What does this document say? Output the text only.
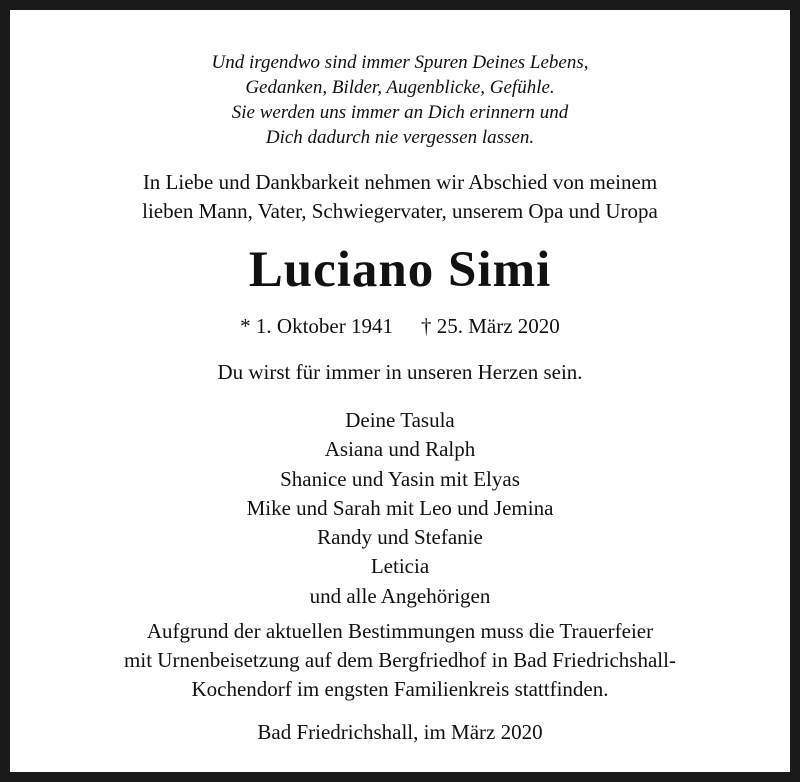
Und irgendwo sind immer Spuren Deines Lebens,
Gedanken, Bilder, Augenblicke, Gefühle.
Sie werden uns immer an Dich erinnern und
Dich dadurch nie vergessen lassen.
In Liebe und Dankbarkeit nehmen wir Abschied von meinem
lieben Mann, Vater, Schwiegervater, unserem Opa und Uropa
Luciano Simi
* 1. Oktober 1941 † 25. März 2020
Du wirst für immer in unseren Herzen sein.
Deine Tasula
Asiana und Ralph
Shanice und Yasin mit Elyas
Mike und Sarah mit Leo und Jemina
Randy und Stefanie
Leticia
und alle Angehörigen
Aufgrund der aktuellen Bestimmungen muss die Trauerfeier
mit Urnenbeisetzung auf dem Bergfriedhof in Bad Friedrichshall-
Kochendorf im engsten Familienkreis stattfinden.
Bad Friedrichshall, im März 2020
